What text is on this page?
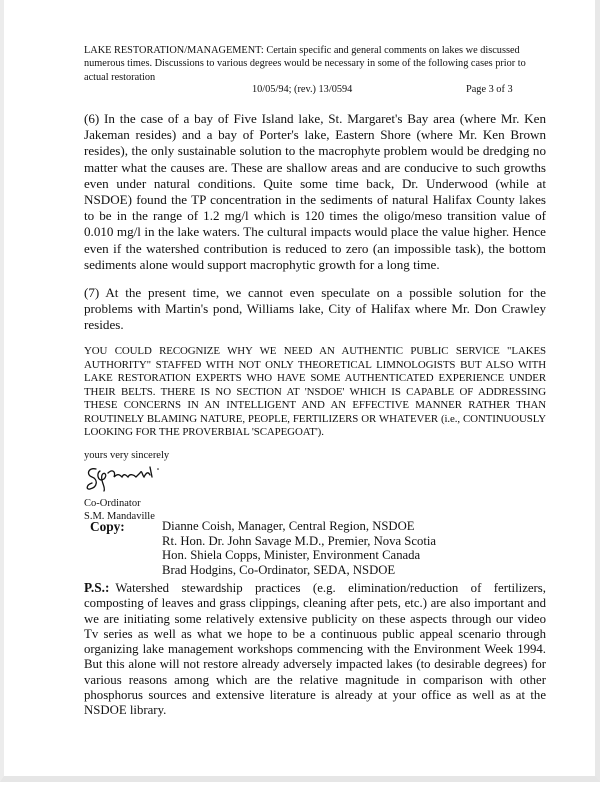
LAKE RESTORATION/MANAGEMENT: Certain specific and general comments on lakes we discussed numerous times. Discussions to various degrees would be necessary in some of the following cases prior to actual restoration
10/05/94; (rev.) 13/0594	Page 3 of 3
(6) In the case of a bay of Five Island lake, St. Margaret's Bay area (where Mr. Ken Jakeman resides) and a bay of Porter's lake, Eastern Shore (where Mr. Ken Brown resides), the only sustainable solution to the macrophyte problem would be dredging no matter what the causes are. These are shallow areas and are conducive to such growths even under natural conditions. Quite some time back, Dr. Underwood (while at NSDOE) found the TP concentration in the sediments of natural Halifax County lakes to be in the range of 1.2 mg/l which is 120 times the oligo/meso transition value of 0.010 mg/l in the lake waters. The cultural impacts would place the value higher. Hence even if the watershed contribution is reduced to zero (an impossible task), the bottom sediments alone would support macrophytic growth for a long time.
(7) At the present time, we cannot even speculate on a possible solution for the problems with Martin's pond, Williams lake, City of Halifax where Mr. Don Crawley resides.
YOU COULD RECOGNIZE WHY WE NEED AN AUTHENTIC PUBLIC SERVICE "LAKES AUTHORITY" STAFFED WITH NOT ONLY THEORETICAL LIMNOLOGISTS BUT ALSO WITH LAKE RESTORATION EXPERTS WHO HAVE SOME AUTHENTICATED EXPERIENCE UNDER THEIR BELTS. THERE IS NO SECTION AT 'NSDOE' WHICH IS CAPABLE OF ADDRESSING THESE CONCERNS IN AN INTELLIGENT AND AN EFFECTIVE MANNER RATHER THAN ROUTINELY BLAMING NATURE, PEOPLE, FERTILIZERS OR WHATEVER (i.e., CONTINUOUSLY LOOKING FOR THE PROVERBIAL 'SCAPEGOAT').
yours very sincerely
Co-Ordinator
S.M. Mandaville
Copy:	Dianne Coish, Manager, Central Region, NSDOE
Rt. Hon. Dr. John Savage M.D., Premier, Nova Scotia
Hon. Shiela Copps, Minister, Environment Canada
Brad Hodgins, Co-Ordinator, SEDA, NSDOE
P.S.: Watershed stewardship practices (e.g. elimination/reduction of fertilizers, composting of leaves and grass clippings, cleaning after pets, etc.) are also important and we are initiating some relatively extensive publicity on these aspects through our video Tv series as well as what we hope to be a continuous public appeal scenario through organizing lake management workshops commencing with the Environment Week 1994. But this alone will not restore already adversely impacted lakes (to desirable degrees) for various reasons among which are the relative magnitude in comparison with other phosphorus sources and extensive literature is already at your office as well as at the NSDOE library.
